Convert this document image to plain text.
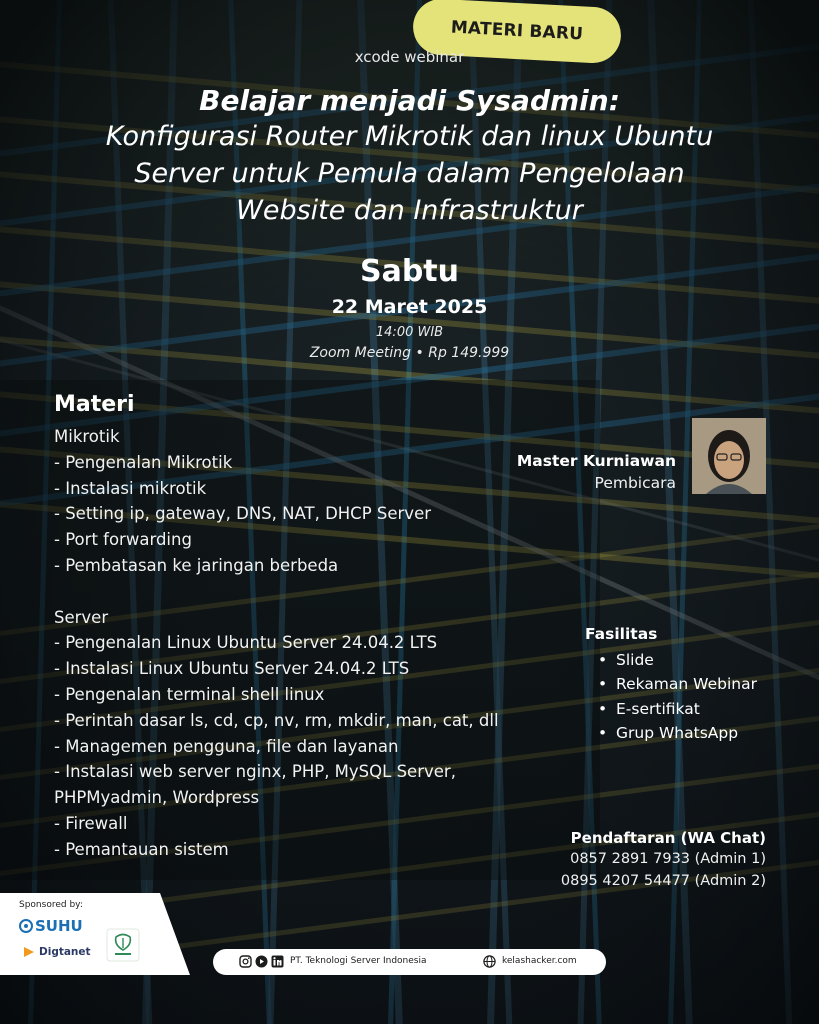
MATERI BARU
xcode webinar
Belajar menjadi Sysadmin:
Konfigurasi Router Mikrotik dan linux Ubuntu
Server untuk Pemula dalam Pengelolaan
Website dan Infrastruktur
Sabtu
22 Maret 2025
14:00 WIB
Zoom Meeting • Rp 149.999
Materi
Mikrotik
- Pengenalan Mikrotik
- Instalasi mikrotik
- Setting ip, gateway, DNS, NAT, DHCP Server
- Port forwarding
- Pembatasan ke jaringan berbeda
Server
- Pengenalan Linux Ubuntu Server 24.04.2 LTS
- Instalasi Linux Ubuntu Server 24.04.2 LTS
- Pengenalan terminal shell linux
- Perintah dasar ls, cd, cp, nv, rm, mkdir, man, cat, dll
- Managemen pengguna, file dan layanan
- Instalasi web server nginx, PHP, MySQL Server,
PHPMyadmin, Wordpress
- Firewall
- Pemantauan sistem
Master Kurniawan
Pembicara
Fasilitas
• Slide
• Rekaman Webinar
• E-sertifikat
• Grup WhatsApp
Pendaftaran (WA Chat)
0857 2891 7933 (Admin 1)
0895 4207 54477 (Admin 2)
Sponsored by:
SUHU
Digtanet
PT. Teknologi Server Indonesia	kelashacker.com
